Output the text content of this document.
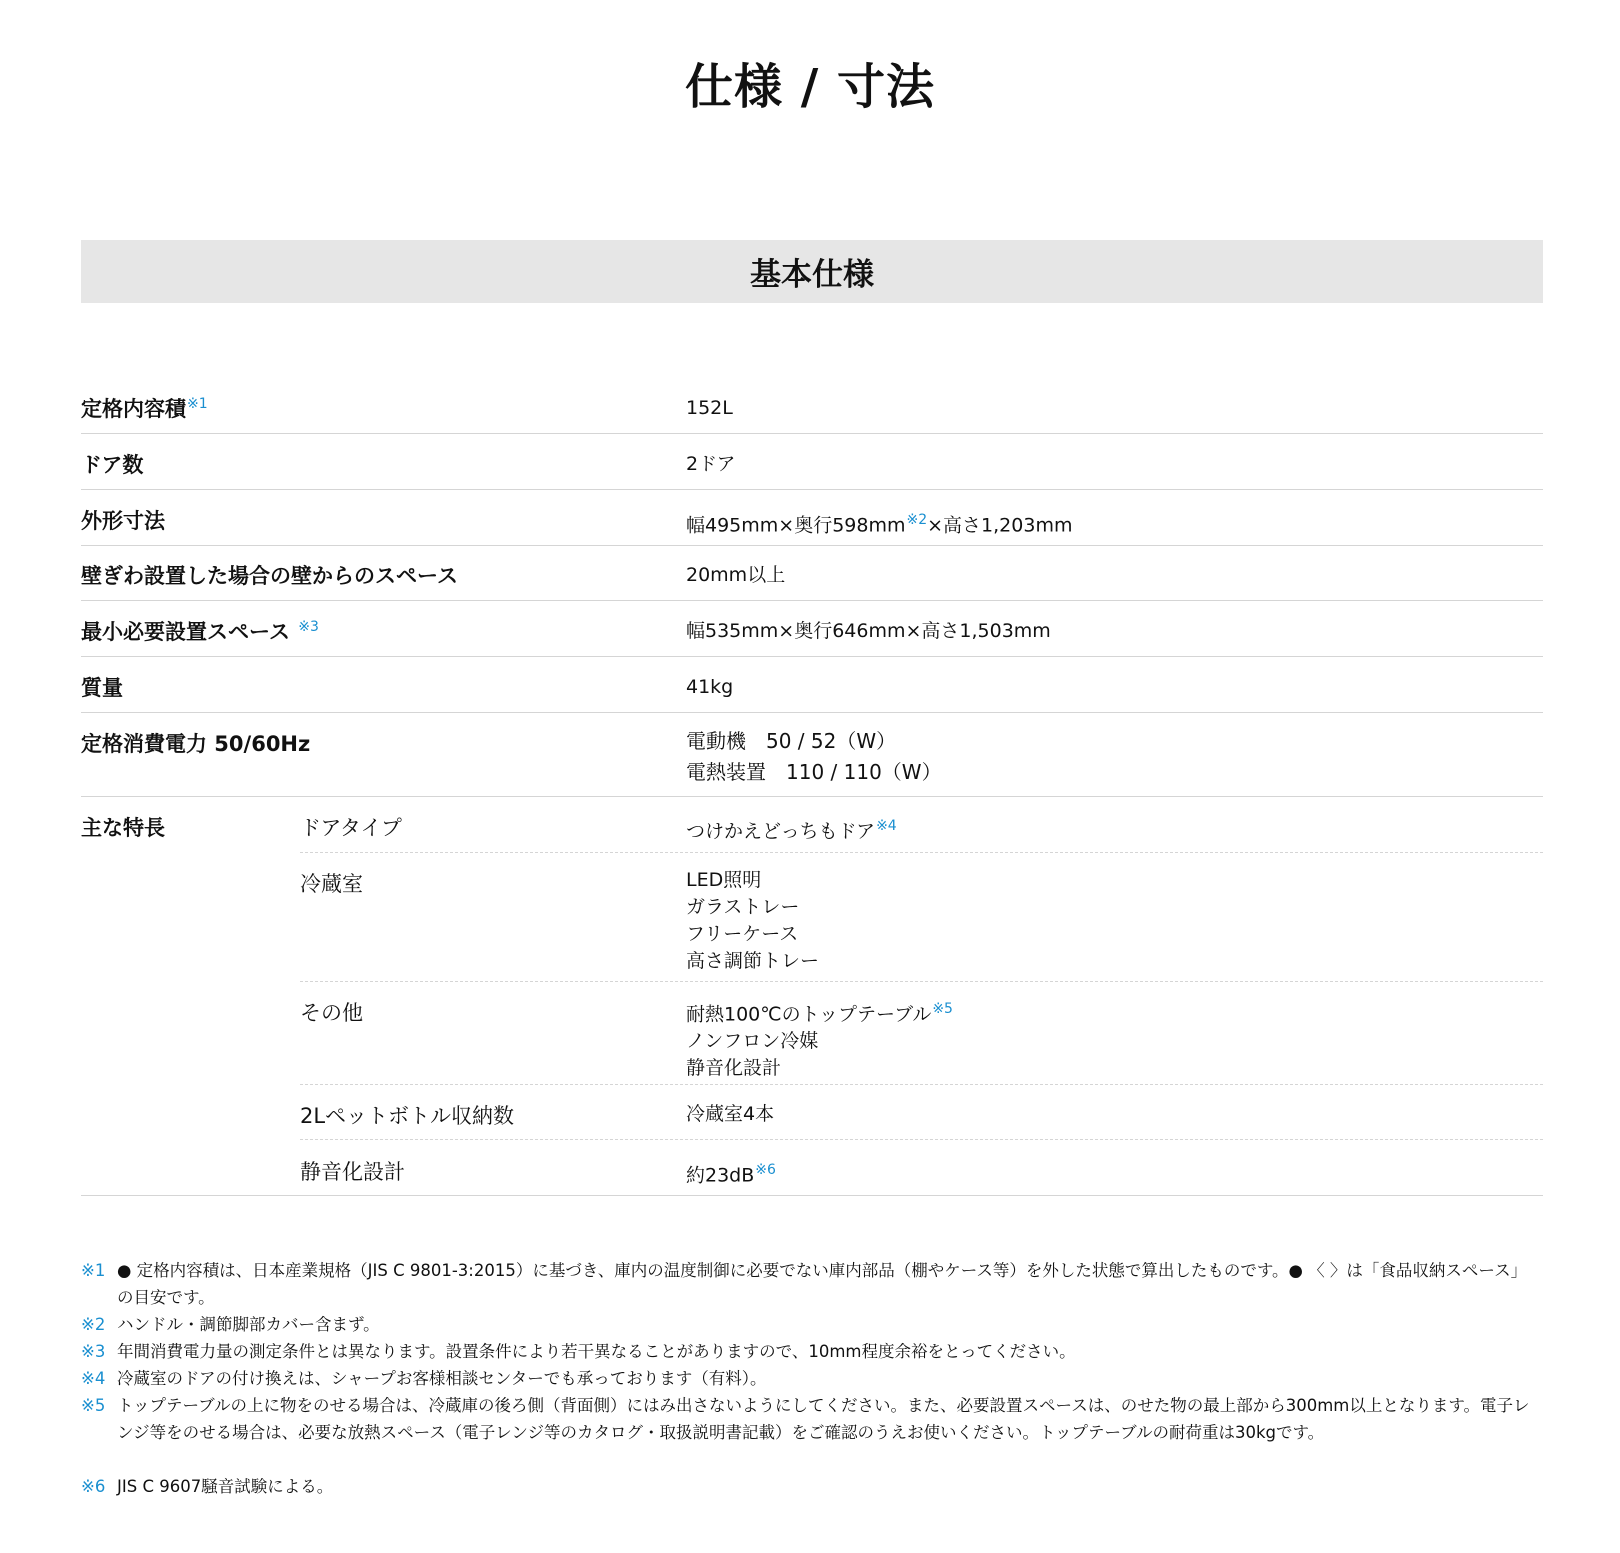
仕様 / 寸法
基本仕様
定格内容積$^{※1}$	152L
ドア数	2ドア
外形寸法	幅495mm×奥行$598mm^{※2}\times$高さ1,203mm
壁ぎわ設置した場合の壁からのスペース	20mm以上
最小必要設置スペース $^{※3}$	幅535mm×奥行646mm×高さ1,503mm
質量	41kg
定格消費電力 50/60Hz	電動機　50 / 52（W）
電熱装置　110 / 110（W）
主な特長	ドアタイプ	つけかえどっちもドア$^{※4}$
冷蔵室	LED照明
ガラストレー
フリーケース
高さ調節トレー
その他	耐熱100℃のトップテーブル$^{※5}$
ノンフロン冷媒
静音化設計
2Lペットボトル収納数	冷蔵室4本
静音化設計	約$23dB^{※6}$
※1 ● 定格内容積は、日本産業規格（JIS C 9801-3:2015）に基づき、庫内の温度制御に必要でない庫内部品（棚やケース等）を外した状態で算出したものです。● 〈 〉は「食品収納スペース」の目安です。
※2 ハンドル・調節脚部カバー含まず。
※3 年間消費電力量の測定条件とは異なります。設置条件により若干異なることがありますので、10mm程度余裕をとってください。
※4 冷蔵室のドアの付け換えは、シャープお客様相談センターでも承っております（有料）。
※5 トップテーブルの上に物をのせる場合は、冷蔵庫の後ろ側（背面側）にはみ出さないようにしてください。また、必要設置スペースは、のせた物の最上部から300mm以上となります。電子レンジ等をのせる場合は、必要な放熱スペース（電子レンジ等のカタログ・取扱説明書記載）をご確認のうえお使いください。トップテーブルの耐荷重は30kgです。
※6 JIS C 9607騒音試験による。
